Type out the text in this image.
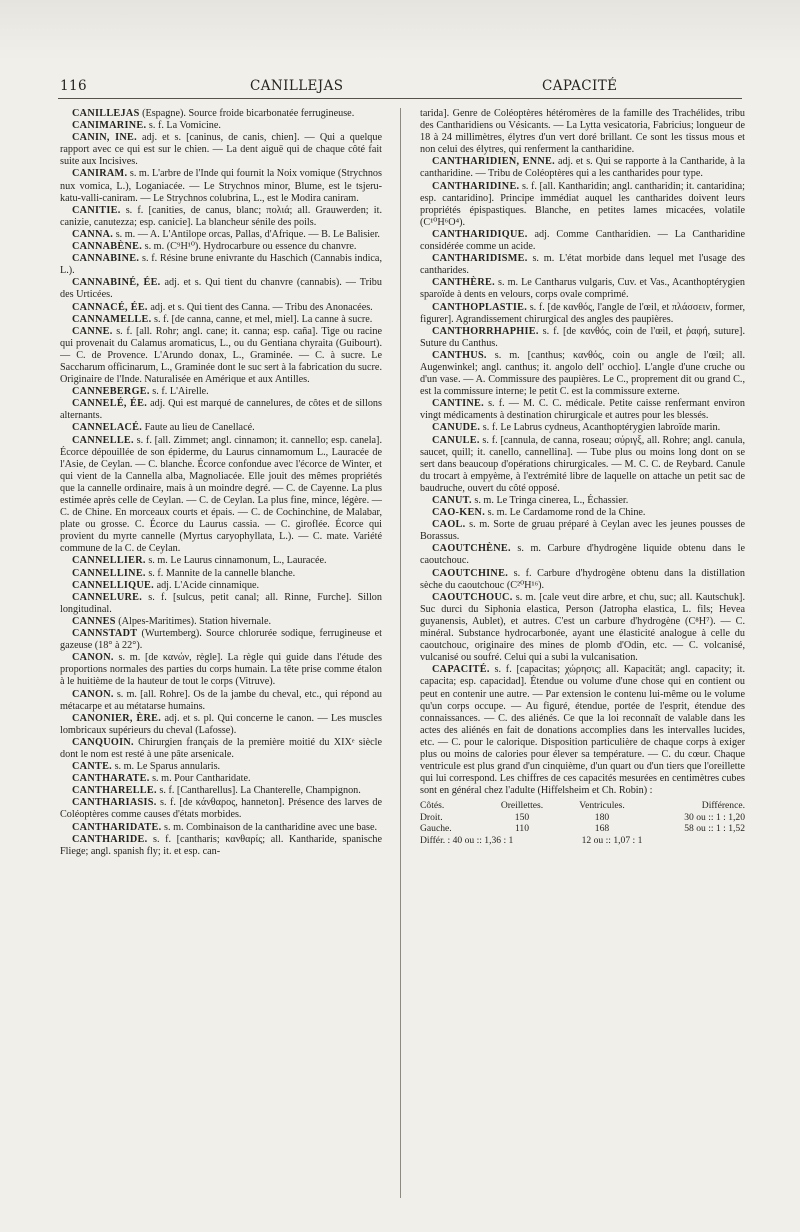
116	CANILLEJAS	CAPACITÉ

CANILLEJAS (Espagne). Source froide bicarbonatée ferrugineuse.

CANIMARINE. s. f. La Vomicine.

CANIN, INE. adj. et s. [caninus, de canis, chien]. — Qui a quelque rapport avec ce qui est sur le chien. — La dent aiguë qui de chaque côté fait suite aux Incisives.

CANIRAM. s. m. L'arbre de l'Inde qui fournit la Noix vomique (Strychnos nux vomica, L.), Loganiacée. — Le Strychnos minor, Blume, est le tsjeru-katu-valli-caniram. — Le Strychnos colubrina, L., est le Modira caniram.

CANITIE. s. f. [canities, de canus, blanc; πολιά; all. Grauwerden; it. canizie, canutezza; esp. canicie]. La blancheur sénile des poils.

CANNA. s. m. — A. L'Antilope orcas, Pallas, d'Afrique. — B. Le Balisier.

CANNABÈNE. s. m. (C⁹H¹⁰). Hydrocarbure ou essence du chanvre.

CANNABINE. s. f. Résine brune enivrante du Haschich (Cannabis indica, L.).

CANNABINÉ, ÉE. adj. et s. Qui tient du chanvre (cannabis). — Tribu des Urticées.

CANNACÉ, ÉE. adj. et s. Qui tient des Canna. — Tribu des Anonacées.

CANNAMELLE. s. f. [de canna, canne, et mel, miel]. La canne à sucre.

CANNE. s. f. [all. Rohr; angl. cane; it. canna; esp. caña]. Tige ou racine qui provenait du Calamus aromaticus, L., ou du Gentiana chyraita (Guibourt). — C. de Provence. L'Arundo donax, L., Graminée. — C. à sucre. Le Saccharum officinarum, L., Graminée dont le suc sert à la fabrication du sucre. Originaire de l'Inde. Naturalisée en Amérique et aux Antilles.

CANNEBERGE. s. f. L'Airelle.

CANNELÉ, ÉE. adj. Qui est marqué de cannelures, de côtes et de sillons alternants.

CANNELACÉ. Faute au lieu de Canellacé.

CANNELLE. s. f. [all. Zimmet; angl. cinnamon; it. cannello; esp. canela]. Écorce dépouillée de son épiderme, du Laurus cinnamomum L., Lauracée de l'Asie, de Ceylan. — C. blanche. Écorce confondue avec l'écorce de Winter, et qui vient de la Cannella alba, Magnoliacée. Elle jouit des mêmes propriétés que la cannelle ordinaire, mais à un moindre degré. — C. de Cayenne. La plus estimée après celle de Ceylan. — C. de Ceylan. La plus fine, mince, légère. — C. de Chine. En morceaux courts et épais. — C. de Cochinchine, de Malabar, plate ou grosse. C. Écorce du Laurus cassia. — C. giroflée. Écorce qui provient du myrte cannelle (Myrtus caryophyllata, L.). — C. mate. Variété commune de la C. de Ceylan.

CANNELLIER. s. m. Le Laurus cinnamonum, L., Lauracée.

CANNELLINE. s. f. Mannite de la cannelle blanche.

CANNELLIQUE. adj. L'Acide cinnamique.

CANNELURE. s. f. [sulcus, petit canal; all. Rinne, Furche]. Sillon longitudinal.

CANNES (Alpes-Maritimes). Station hivernale.

CANNSTADT (Wurtemberg). Source chlorurée sodique, ferrugineuse et gazeuse (18° à 22°).

CANON. s. m. [de κανών, règle]. La règle qui guide dans l'étude des proportions normales des parties du corps humain. La tête prise comme étalon à le huitième de la hauteur de tout le corps (Vitruve).

CANON. s. m. [all. Rohre]. Os de la jambe du cheval, etc., qui répond au métacarpe et au métatarse humains.

CANONIER, ÈRE. adj. et s. pl. Qui concerne le canon. — Les muscles lombricaux supérieurs du cheval (Lafosse).

CANQUOIN. Chirurgien français de la première moitié du XIXᵉ siècle dont le nom est resté à une pâte arsenicale.

CANTE. s. m. Le Sparus annularis.

CANTHARATE. s. m. Pour Cantharidate.

CANTHARELLE. s. f. [Cantharellus]. La Chanterelle, Champignon.

CANTHARIASIS. s. f. [de κάνθαρος, hanneton]. Présence des larves de Coléoptères comme causes d'états morbides.

CANTHARIDATE. s. m. Combinaison de la cantharidine avec une base.

CANTHARIDE. s. f. [cantharis; κανθαρίς; all. Kantharide, spanische Fliege; angl. spanish fly; it. et esp. can-

tarida]. Genre de Coléoptères hétéromères de la famille des Trachélides, tribu des Cantharidiens ou Vésicants. — La Lytta vesicatoria, Fabricius; longueur de 18 à 24 millimètres, élytres d'un vert doré brillant. Ce sont les tissus mous et non celui des élytres, qui renferment la cantharidine.

CANTHARIDIEN, ENNE. adj. et s. Qui se rapporte à la Cantharide, à la cantharidine. — Tribu de Coléoptères qui a les cantharides pour type.

CANTHARIDINE. s. f. [all. Kantharidin; angl. cantharidin; it. cantaridina; esp. cantaridino]. Principe immédiat auquel les cantharides doivent leurs propriétés épispastiques. Blanche, en petites lames micacées, volatile (C¹⁰H⁶O⁴).

CANTHARIDIQUE. adj. Comme Cantharidien. — La Cantharidine considérée comme un acide.

CANTHARIDISME. s. m. L'état morbide dans lequel met l'usage des cantharides.

CANTHÈRE. s. m. Le Cantharus vulgaris, Cuv. et Vas., Acanthoptérygien sparoïde à dents en velours, corps ovale comprimé.

CANTHOPLASTIE. s. f. [de κανθός, l'angle de l'œil, et πλάσσειν, former, figurer]. Agrandissement chirurgical des angles des paupières.

CANTHORRHAPHIE. s. f. [de κανθός, coin de l'œil, et ῥαφή, suture]. Suture du Canthus.

CANTHUS. s. m. [canthus; κανθός, coin ou angle de l'œil; all. Augenwinkel; angl. canthus; it. angolo dell' occhio]. L'angle d'une cruche ou d'un vase. — A. Commissure des paupières. Le C., proprement dit ou grand C., est la commissure interne; le petit C. est la commissure externe.

CANTINE. s. f. — M. C. C. médicale. Petite caisse renfermant environ vingt médicaments à destination chirurgicale et autres pour les blessés.

CANUDE. s. f. Le Labrus cydneus, Acanthoptérygien labroïde marin.

CANULE. s. f. [cannula, de canna, roseau; σύριγξ, all. Rohre; angl. canula, saucet, quill; it. canello, cannellina]. — Tube plus ou moins long dont on se sert dans beaucoup d'opérations chirurgicales. — M. C. C. de Reybard. Canule du trocart à empyème, à l'extrémité libre de laquelle on attache un petit sac de baudruche, ouvert du côté opposé.

CANUT. s. m. Le Tringa cinerea, L., Échassier.

CAO-KEN. s. m. Le Cardamome rond de la Chine.

CAOL. s. m. Sorte de gruau préparé à Ceylan avec les jeunes pousses de Borassus.

CAOUTCHÈNE. s. m. Carbure d'hydrogène liquide obtenu dans le caoutchouc.

CAOUTCHINE. s. f. Carbure d'hydrogène obtenu dans la distillation sèche du caoutchouc (C²⁰H¹⁶).

CAOUTCHOUC. s. m. [cale veut dire arbre, et chu, suc; all. Kautschuk]. Suc durci du Siphonia elastica, Person (Jatropha elastica, L. fils; Hevea guyanensis, Aublet), et autres. C'est un carbure d'hydrogène (C⁸H⁷). — C. minéral. Substance hydrocarbonée, ayant une élasticité analogue à celle du caoutchouc, originaire des mines de plomb d'Odin, etc. — C. volcanisé, vulcanisé ou soufré. Celui qui a subi la vulcanisation.

CAPACITÉ. s. f. [capacitas; χώρησις; all. Kapacität; angl. capacity; it. capacita; esp. capacidad]. Étendue ou volume d'une chose qui en contient ou peut en contenir une autre. — Par extension le contenu lui-même ou le volume qu'un corps occupe. — Au figuré, étendue, portée de l'esprit, étendue des connaissances. — C. des aliénés. Ce que la loi reconnaît de valable dans les actes des aliénés en fait de donations accomplies dans les intervalles lucides, etc. — C. pour le calorique. Disposition particulière de chaque corps à exiger plus ou moins de calories pour élever sa température. — C. du cœur. Chaque ventricule est plus grand d'un cinquième, d'un quart ou d'un tiers que l'oreillette qui lui correspond. Les chiffres de ces capacités mesurées en centimètres cubes sont en général chez l'adulte (Hiffelsheim et Ch. Robin) :

Côtés.	Oreillettes.	Ventricules.	Différence.
Droit.	150	180	30 ou :: 1 : 1,20
Gauche.	110	168	58 ou :: 1 : 1,52
Différ. : 40 ou :: 1,36 : 1	12 ou :: 1,07 : 1
